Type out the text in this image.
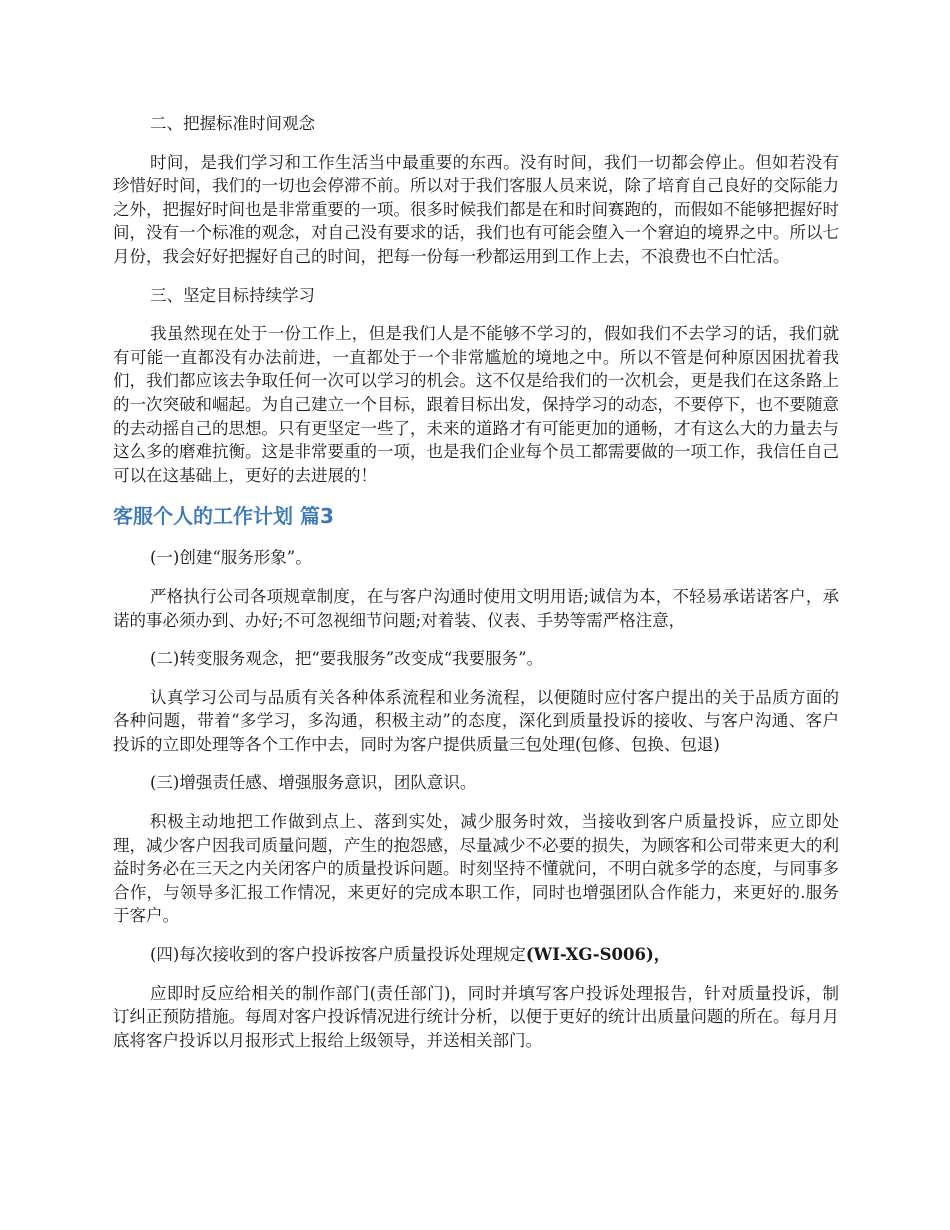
二、把握标准时间观念

时间，是我们学习和工作生活当中最重要的东西。没有时间，我们一切都会停止。但如若没有珍惜好时间，我们的一切也会停滞不前。所以对于我们客服人员来说，除了培育自己良好的交际能力之外，把握好时间也是非常重要的一项。很多时候我们都是在和时间赛跑的，而假如不能够把握好时间，没有一个标准的观念，对自己没有要求的话，我们也有可能会堕入一个窘迫的境界之中。所以七月份，我会好好把握好自己的时间，把每一份每一秒都运用到工作上去，不浪费也不白忙活。

三、坚定目标持续学习

我虽然现在处于一份工作上，但是我们人是不能够不学习的，假如我们不去学习的话，我们就有可能一直都没有办法前进，一直都处于一个非常尴尬的境地之中。所以不管是何种原因困扰着我们，我们都应该去争取任何一次可以学习的机会。这不仅是给我们的一次机会，更是我们在这条路上的一次突破和崛起。为自己建立一个目标，跟着目标出发，保持学习的动态，不要停下，也不要随意的去动摇自己的思想。只有更坚定一些了，未来的道路才有可能更加的通畅，才有这么大的力量去与这么多的磨难抗衡。这是非常要重的一项，也是我们企业每个员工都需要做的一项工作，我信任自己可以在这基础上，更好的去进展的！

客服个人的工作计划 篇3
(一)创建“服务形象”。

严格执行公司各项规章制度，在与客户沟通时使用文明用语;诚信为本，不轻易承诺诺客户，承诺的事必须办到、办好;不可忽视细节问题;对着装、仪表、手势等需严格注意，

(二)转变服务观念，把“要我服务”改变成“我要服务”。

认真学习公司与品质有关各种体系流程和业务流程，以便随时应付客户提出的关于品质方面的各种问题，带着“多学习，多沟通，积极主动”的态度，深化到质量投诉的接收、与客户沟通、客户投诉的立即处理等各个工作中去，同时为客户提供质量三包处理(包修、包换、包退)

(三)增强责任感、增强服务意识，团队意识。

积极主动地把工作做到点上、落到实处，减少服务时效，当接收到客户质量投诉，应立即处理，减少客户因我司质量问题，产生的抱怨感，尽量减少不必要的损失，为顾客和公司带来更大的利益时务必在三天之内关闭客户的质量投诉问题。时刻坚持不懂就问，不明白就多学的态度，与同事多合作，与领导多汇报工作情况，来更好的完成本职工作，同时也增强团队合作能力，来更好的.服务于客户。

(四)每次接收到的客户投诉按客户质量投诉处理规定(WI-XG-S006)，

应即时反应给相关的制作部门(责任部门)，同时并填写客户投诉处理报告，针对质量投诉，制订纠正预防措施。每周对客户投诉情况进行统计分析，以便于更好的统计出质量问题的所在。每月月底将客户投诉以月报形式上报给上级领导，并送相关部门。
